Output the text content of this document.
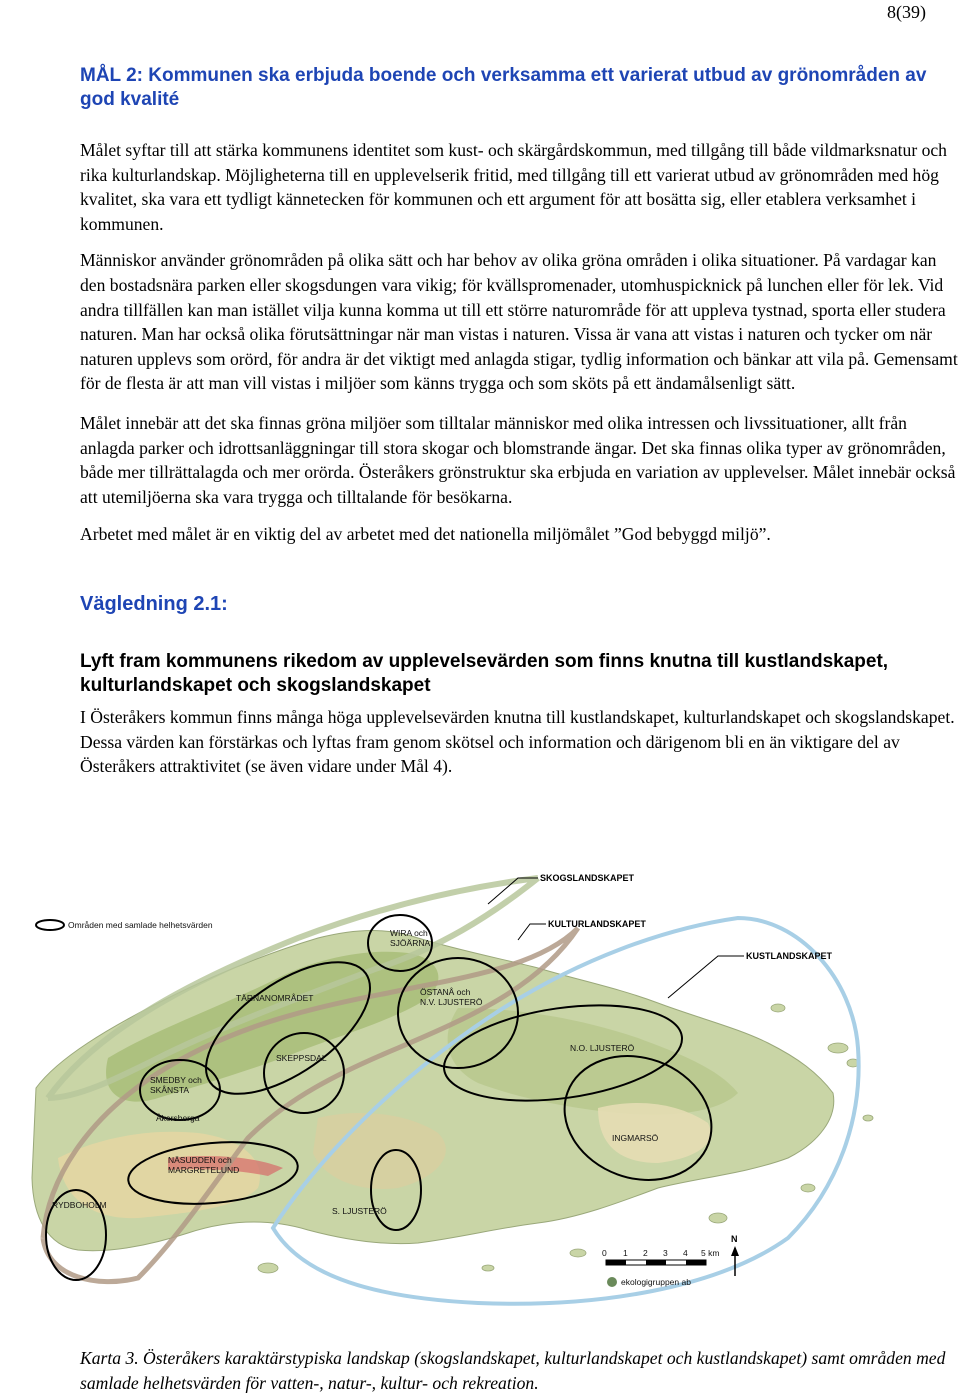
8(39)
MÅL 2: Kommunen ska erbjuda boende och verksamma ett varierat utbud av grönområden av god kvalité

Målet syftar till att stärka kommunens identitet som kust- och skärgårdskommun, med tillgång till både vildmarksnatur och rika kulturlandskap. Möjligheterna till en upplevelserik fritid, med tillgång till ett varierat utbud av grönområden med hög kvalitet, ska vara ett tydligt kännetecken för kommunen och ett argument för att bosätta sig, eller etablera verksamhet i kommunen.

Människor använder grönområden på olika sätt och har behov av olika gröna områden i olika situationer. På vardagar kan den bostadsnära parken eller skogsdungen vara vikig; för kvällspromenader, utomhuspicknick på lunchen eller för lek. Vid andra tillfällen kan man istället vilja kunna komma ut till ett större naturområde för att uppleva tystnad, sporta eller studera naturen. Man har också olika förutsättningar när man vistas i naturen. Vissa är vana att vistas i naturen och tycker om när naturen upplevs som orörd, för andra är det viktigt med anlagda stigar, tydlig information och bänkar att vila på. Gemensamt för de flesta är att man vill vistas i miljöer som känns trygga och som sköts på ett ändamålsenligt sätt.

Målet innebär att det ska finnas gröna miljöer som tilltalar människor med olika intressen och livssituationer, allt från anlagda parker och idrottsanläggningar till stora skogar och blomstrande ängar. Det ska finnas olika typer av grönområden, både mer tillrättalagda och mer orörda. Österåkers grönstruktur ska erbjuda en variation av upplevelser. Målet innebär också att utemiljöerna ska vara trygga och tilltalande för besökarna.

Arbetet med målet är en viktig del av arbetet med det nationella miljömålet ”God bebyggd miljö”.

Vägledning 2.1:
Lyft fram kommunens rikedom av upplevelsevärden som finns knutna till kustlandskapet, kulturlandskapet och skogslandskapet

I Österåkers kommun finns många höga upplevelsevärden knutna till kustlandskapet, kulturlandskapet och skogslandskapet. Dessa värden kan förstärkas och lyftas fram genom skötsel och information och därigenom bli en än viktigare del av Österåkers attraktivitet (se även vidare under Mål 4).

Områden med samlade helhetsvärden
SKOGSLANDSKAPET
KULTURLANDSKAPET
KUSTLANDSKAPET
WIRA och
SJÖÄRNA
TÄRNANOMRÅDET
ÖSTANÅ och
N.V. LJUSTERÖ
N.O. LJUSTERÖ
SMEDBY och
SKÅNSTA
SKEPPSDAL
Åkersberga
NÄSUDDEN och
MARGRETELUND
INGMARSÖ
RYDBOHOLM
S. LJUSTERÖ
0 1 2 3 4 5 km
N
ekologigruppen ab
Karta 3. Österåkers karaktärstypiska landskap (skogslandskapet, kulturlandskapet och kustlandskapet) samt områden med samlade helhetsvärden för vatten-, natur-, kultur- och rekreation.
